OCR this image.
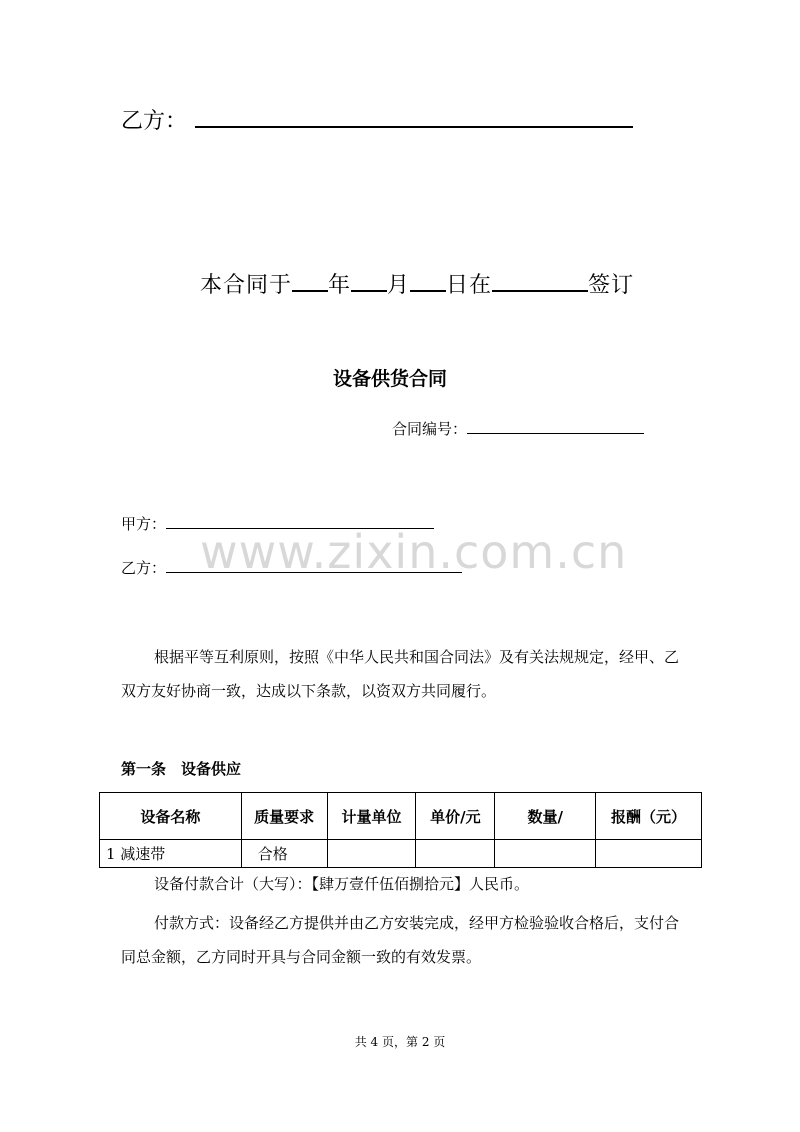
乙方：
本合同于 年 月 日在	签订
设备供货合同
合同编号：
甲方：
www.zixin.com.cn
乙方：
根据平等互利原则，按照《中华人民共和国合同法》及有关法规规定，经甲、乙双方友好协商一致，达成以下条款，以资双方共同履行。
第一条　设备供应
设备名称	质量要求	计量单位	单价/元	数量/	报酬（元）
1 减速带	合格				
设备付款合计（大写）：【肆万壹仟伍佰捌拾元】人民币。
付款方式：设备经乙方提供并由乙方安装完成，经甲方检验验收合格后，支付合同总金额，乙方同时开具与合同金额一致的有效发票。
共 4 页，第 2 页
